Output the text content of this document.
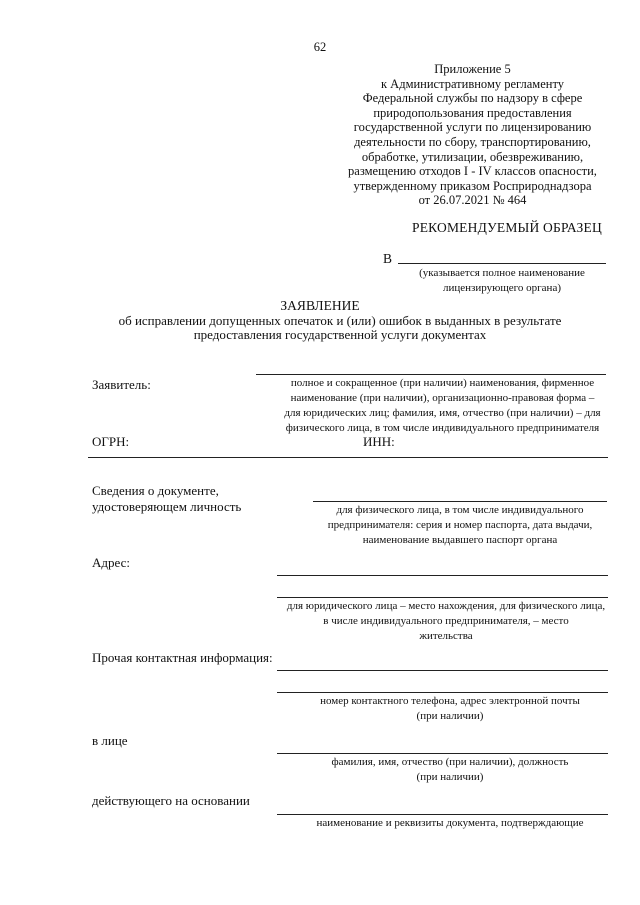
62
Приложение 5
к Административному регламенту
Федеральной службы по надзору в сфере
природопользования предоставления
государственной услуги по лицензированию
деятельности по сбору, транспортированию,
обработке, утилизации, обезвреживанию,
размещению отходов I - IV классов опасности,
утвержденному приказом Росприроднадзора
от 26.07.2021 № 464
РЕКОМЕНДУЕМЫЙ ОБРАЗЕЦ
В
(указывается полное наименование
лицензирующего органа)
ЗАЯВЛЕНИЕ
об исправлении допущенных опечаток и (или) ошибок в выданных в результате
предоставления государственной услуги документах
Заявитель:	полное и сокращенное (при наличии) наименования, фирменное
наименование (при наличии), организационно-правовая форма –
для юридических лиц; фамилия, имя, отчество (при наличии) – для
физического лица, в том числе индивидуального предпринимателя
ОГРН:	ИНН:
Сведения о документе,
удостоверяющем личность	для физического лица, в том числе индивидуального
предпринимателя: серия и номер паспорта, дата выдачи,
наименование выдавшего паспорт органа
Адрес:
для юридического лица – место нахождения, для физического лица,
в числе индивидуального предпринимателя, – место
жительства
Прочая контактная информация:
номер контактного телефона, адрес электронной почты
(при наличии)
в лице
фамилия, имя, отчество (при наличии), должность
(при наличии)
действующего на основании
наименование и реквизиты документа, подтверждающие
